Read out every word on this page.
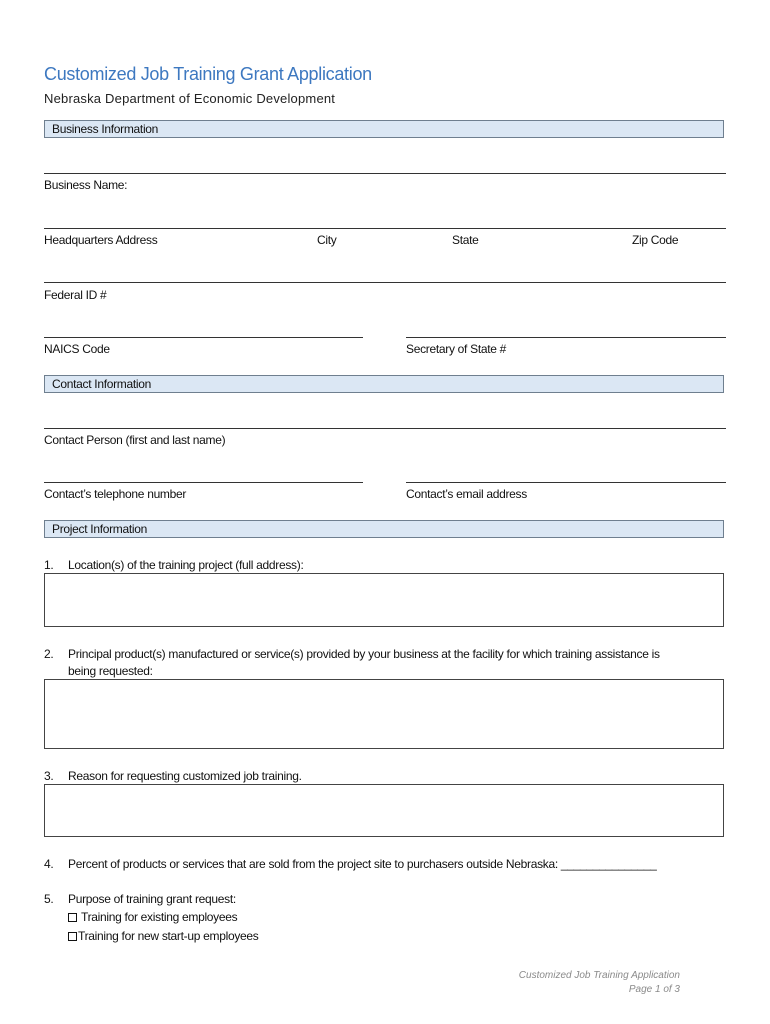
Customized Job Training Grant Application
Nebraska Department of Economic Development
Business Information
Business Name:
Headquarters Address	City	State	Zip Code
Federal ID #
NAICS Code	Secretary of State #
Contact Information
Contact Person (first and last name)
Contact’s telephone number	Contact’s email address
Project Information
1. Location(s) of the training project (full address):
2. Principal product(s) manufactured or service(s) provided by your business at the facility for which training assistance is
being requested:
3. Reason for requesting customized job training.
4. Percent of products or services that are sold from the project site to purchasers outside Nebraska: _______________
5. Purpose of training grant request:
Training for existing employees
Training for new start-up employees
Customized Job Training Application
Page 1 of 3
